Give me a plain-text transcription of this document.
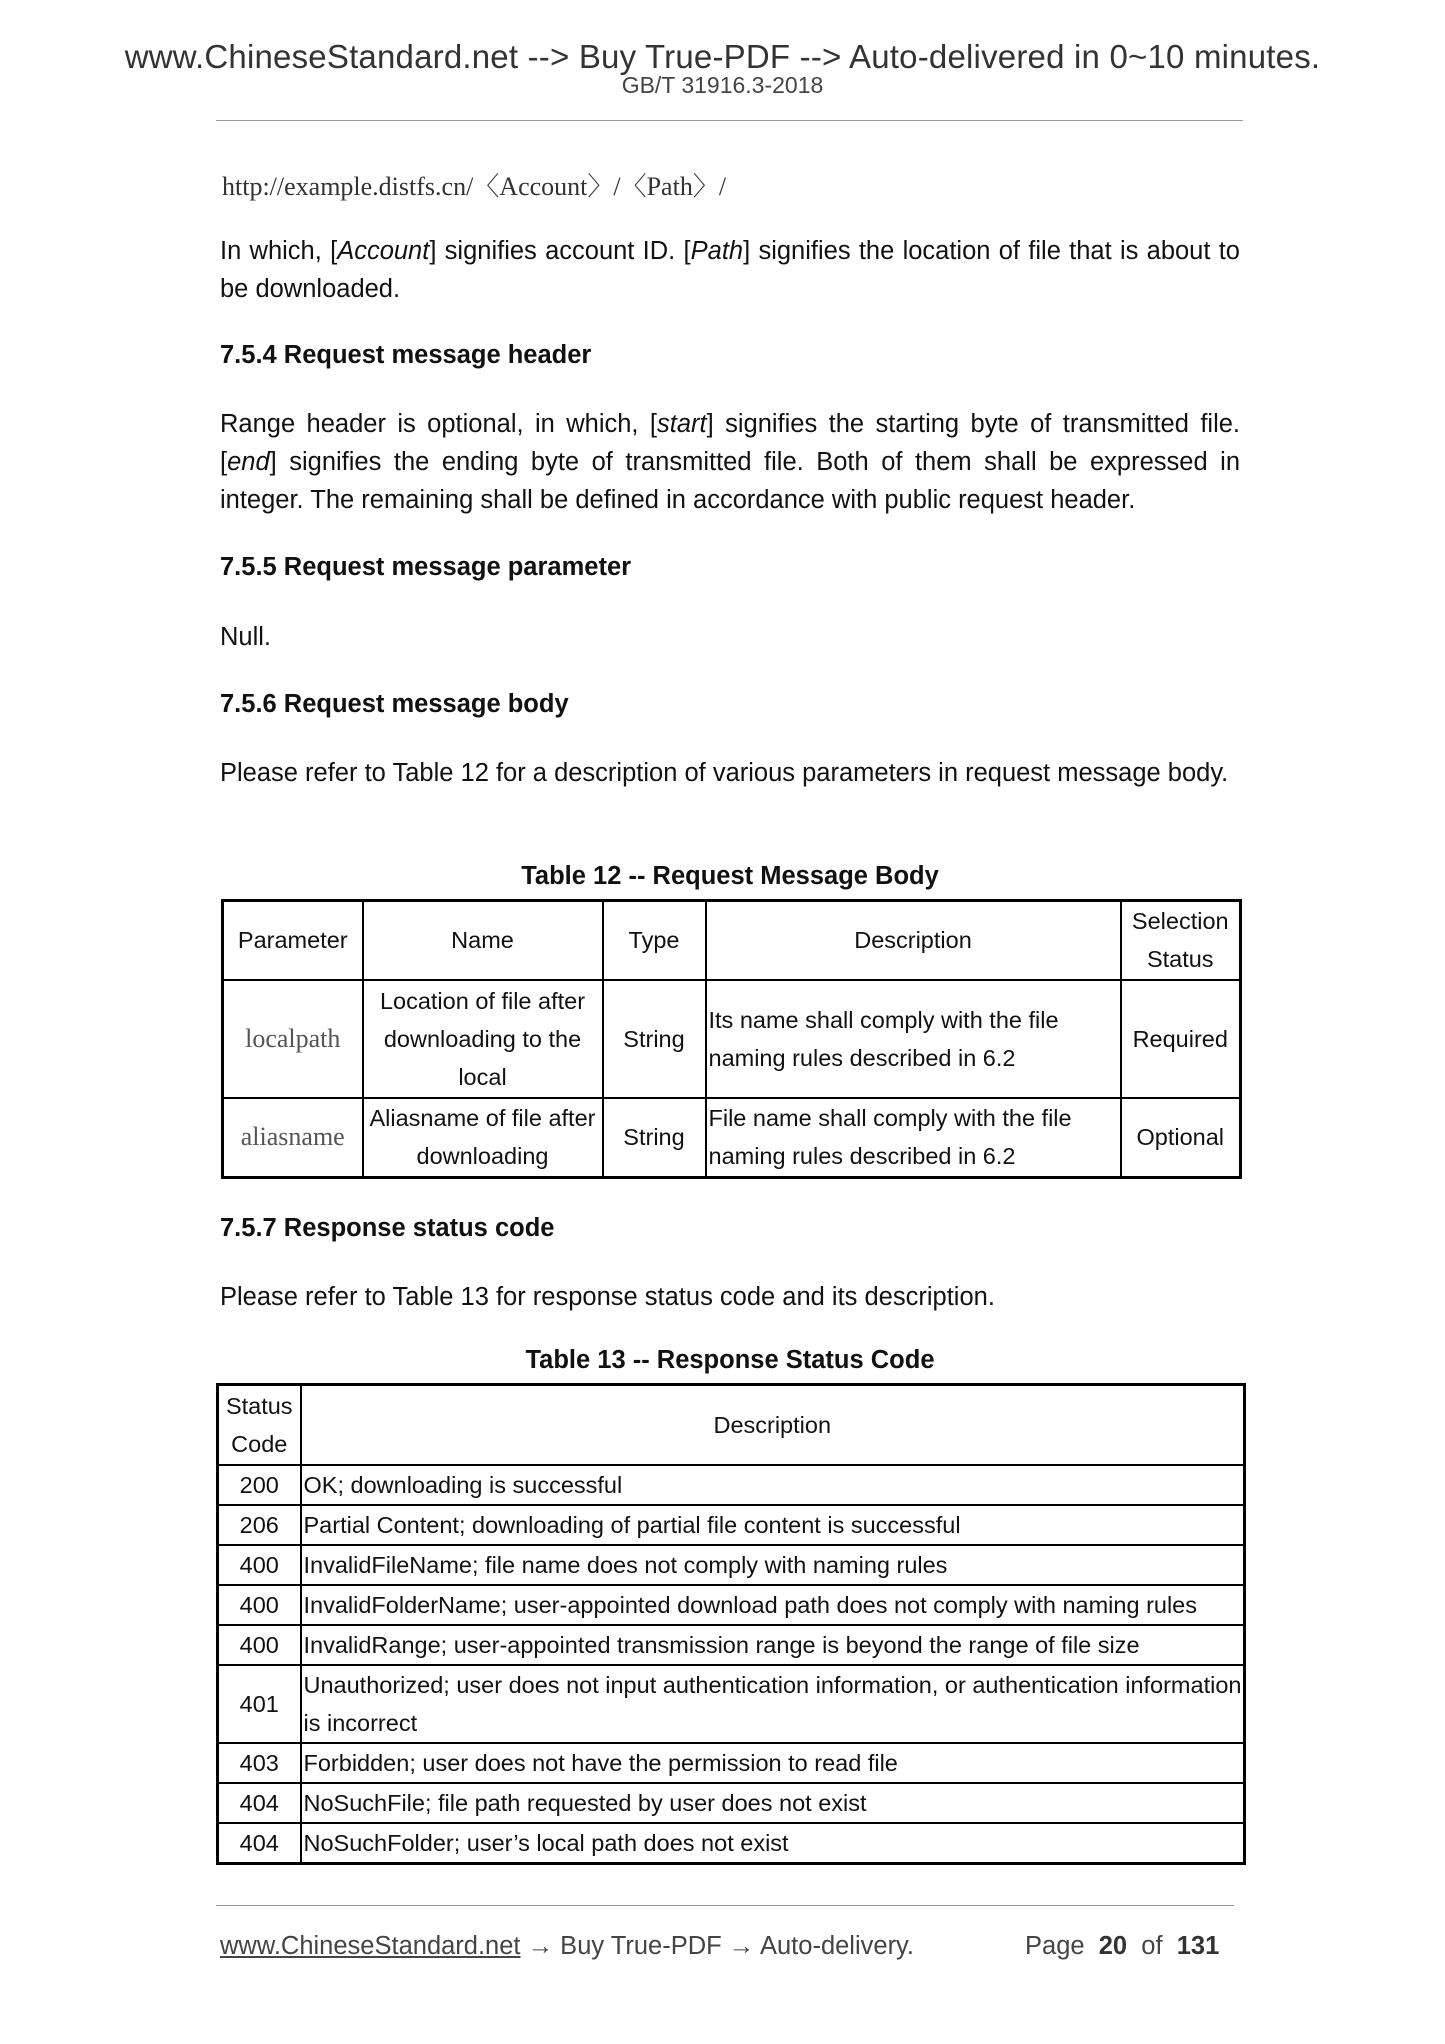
www.ChineseStandard.net --> Buy True-PDF --> Auto-delivered in 0~10 minutes.
GB/T 31916.3-2018
http://example.distfs.cn/〈Account〉/〈Path〉/
In which, [Account] signifies account ID. [Path] signifies the location of file that is about to be downloaded.
7.5.4 Request message header
Range header is optional, in which, [start] signifies the starting byte of transmitted file. [end] signifies the ending byte of transmitted file. Both of them shall be expressed in integer. The remaining shall be defined in accordance with public request header.
7.5.5 Request message parameter
Null.
7.5.6 Request message body
Please refer to Table 12 for a description of various parameters in request message body.
Table 12 -- Request Message Body
Parameter	Name	Type	Description	Selection Status
localpath	Location of file after downloading to the local	String	Its name shall comply with the file naming rules described in 6.2	Required
aliasname	Aliasname of file after downloading	String	File name shall comply with the file naming rules described in 6.2	Optional
7.5.7 Response status code
Please refer to Table 13 for response status code and its description.
Table 13 -- Response Status Code
Status Code	Description
200	OK; downloading is successful
206	Partial Content; downloading of partial file content is successful
400	InvalidFileName; file name does not comply with naming rules
400	InvalidFolderName; user-appointed download path does not comply with naming rules
400	InvalidRange; user-appointed transmission range is beyond the range of file size
401	Unauthorized; user does not input authentication information, or authentication information is incorrect
403	Forbidden; user does not have the permission to read file
404	NoSuchFile; file path requested by user does not exist
404	NoSuchFolder; user’s local path does not exist
www.ChineseStandard.net → Buy True-PDF → Auto-delivery.	Page 20 of 131
